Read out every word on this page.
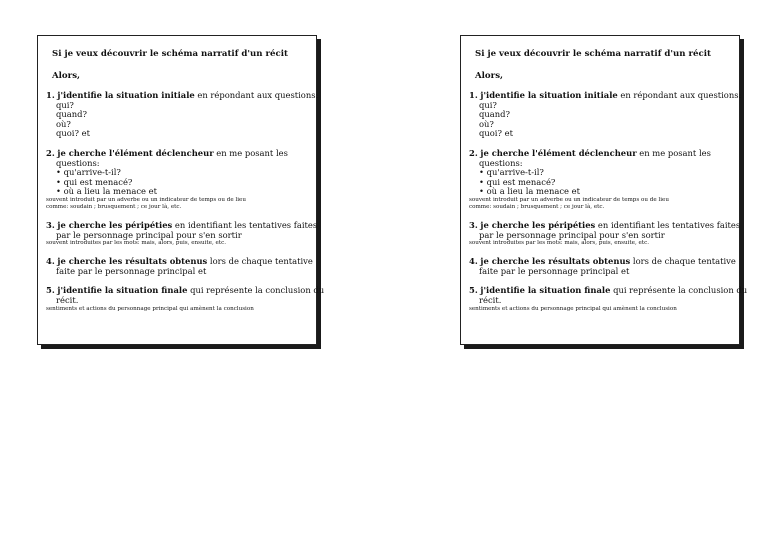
Si je veux découvrir le schéma narratif d'un récit
Alors,
1. j'identifie la situation initiale en répondant aux questions:
qui?
quand?
où?
quoi? et
2. je cherche l'élément déclencheur en me posant les
questions:
• qu'arrive-t-il?
• qui est menacé?
• où a lieu la menace et
souvent introduit par un adverbe ou un indicateur de temps ou de lieu
comme: soudain ; brusquement ; ce jour là, etc.
3. je cherche les péripéties en identifiant les tentatives faites
par le personnage principal pour s'en sortir
souvent introduites par les mots: mais, alors, puis, ensuite, etc.
4. je cherche les résultats obtenus lors de chaque tentative
faite par le personnage principal et
5. j'identifie la situation finale qui représente la conclusion du
récit.
sentiments et actions du personnage principal qui amènent la conclusion
Si je veux découvrir le schéma narratif d'un récit
Alors,
1. j'identifie la situation initiale en répondant aux questions:
qui?
quand?
où?
quoi? et
2. je cherche l'élément déclencheur en me posant les
questions:
• qu'arrive-t-il?
• qui est menacé?
• où a lieu la menace et
souvent introduit par un adverbe ou un indicateur de temps ou de lieu
comme: soudain ; brusquement ; ce jour là, etc.
3. je cherche les péripéties en identifiant les tentatives faites
par le personnage principal pour s'en sortir
souvent introduites par les mots: mais, alors, puis, ensuite, etc.
4. je cherche les résultats obtenus lors de chaque tentative
faite par le personnage principal et
5. j'identifie la situation finale qui représente la conclusion du
récit.
sentiments et actions du personnage principal qui amènent la conclusion
